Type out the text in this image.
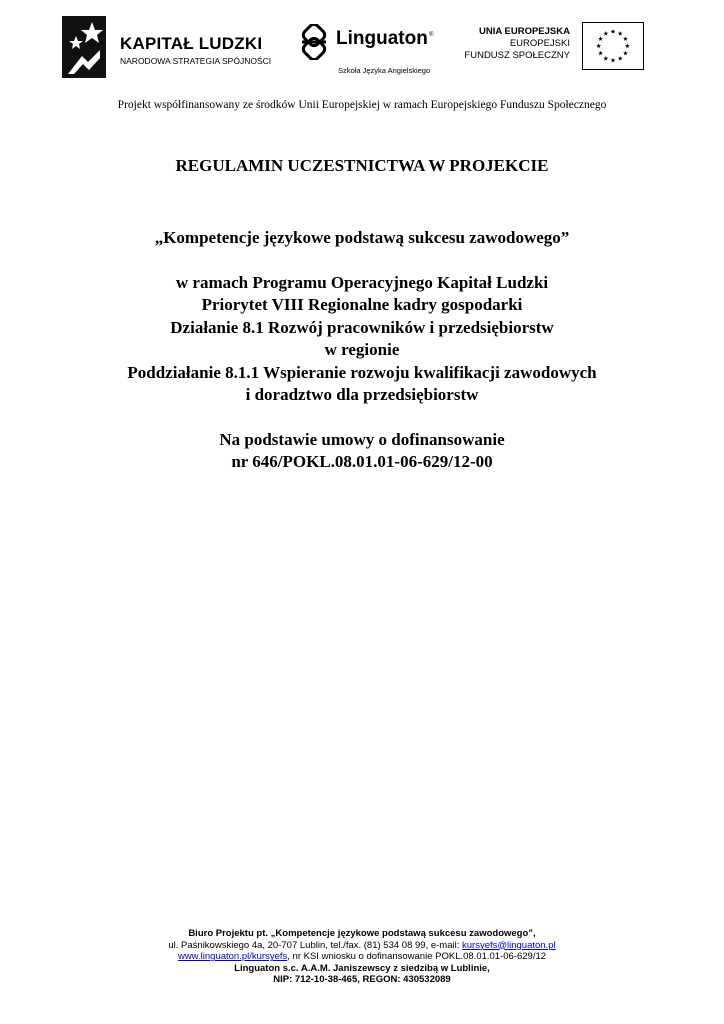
KAPITAŁ LUDZKI
NARODOWA STRATEGIA SPÓJNOŚCI
Linguaton ®
Szkoła Języka Angielskiego
UNIA EUROPEJSKA
EUROPEJSKI
FUNDUSZ SPOŁECZNY
Projekt współfinansowany ze środków Unii Europejskiej w ramach Europejskiego Funduszu Społecznego
REGULAMIN UCZESTNICTWA W PROJEKCIE

„Kompetencje językowe podstawą sukcesu zawodowego”

w ramach Programu Operacyjnego Kapitał Ludzki

Priorytet VIII Regionalne kadry gospodarki

Działanie 8.1 Rozwój pracowników i przedsiębiorstw

w regionie

Poddziałanie 8.1.1 Wspieranie rozwoju kwalifikacji zawodowych

i doradztwo dla przedsiębiorstw

Na podstawie umowy o dofinansowanie

nr 646/POKL.08.01.01-06-629/12-00

Biuro Projektu pt. „Kompetencje językowe podstawą sukcesu zawodowego”,
ul. Paśnikowskiego 4a, 20-707 Lublin, tel./fax. (81) 534 08 99, e-mail: kursyefs@linguaton.pl
www.linguaton.pl/kursyefs, nr KSI wniosku o dofinansowanie POKL.08.01.01-06-629/12
Linguaton s.c. A.A.M. Janiszewscy z siedzibą w Lublinie,
NIP: 712-10-38-465, REGON: 430532089
